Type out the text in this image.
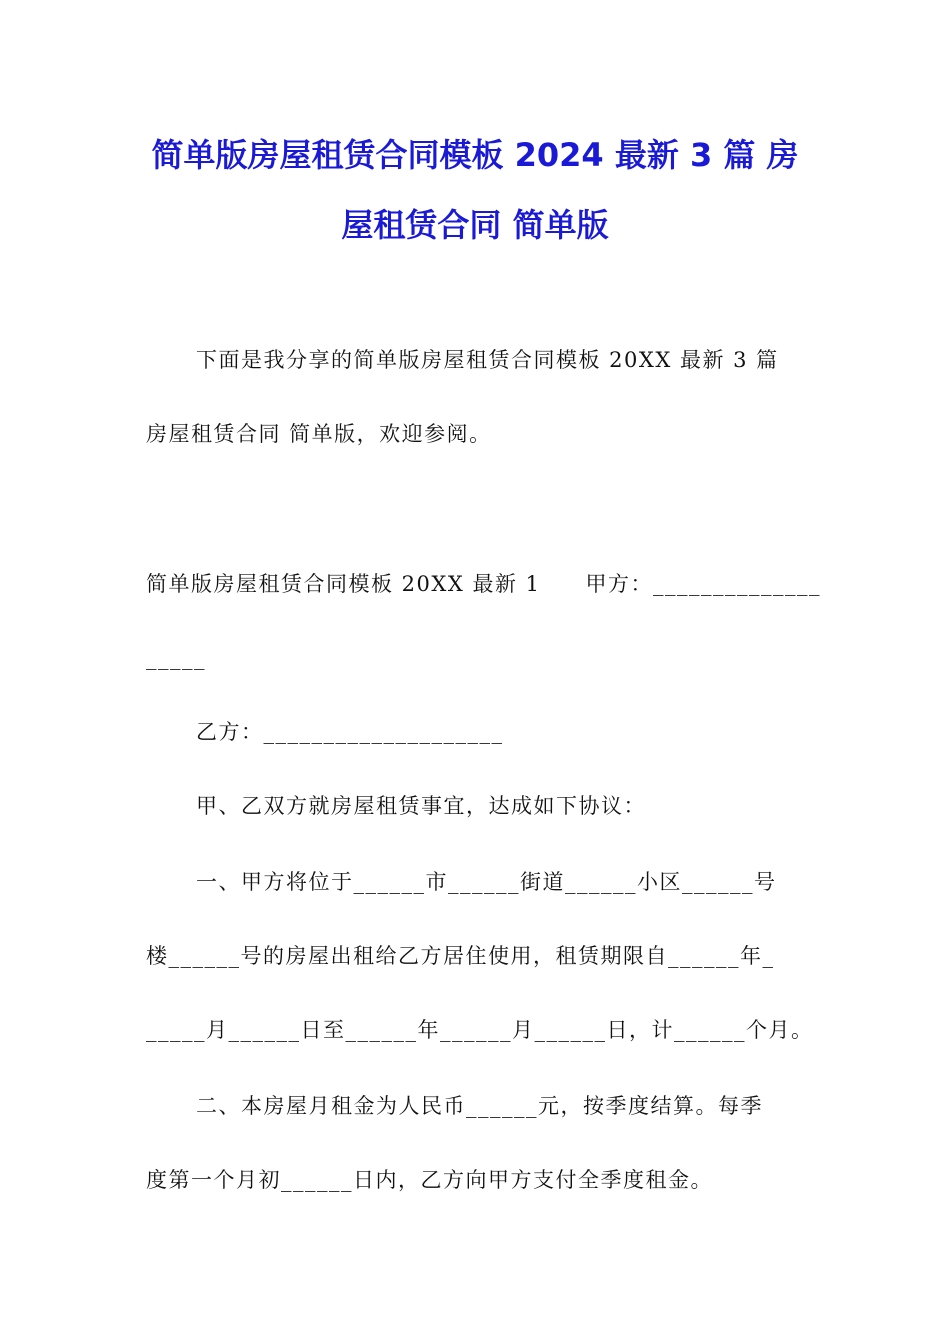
简单版房屋租赁合同模板 2024 最新 3 篇 房
屋租赁合同 简单版
下面是我分享的简单版房屋租赁合同模板 20XX 最新 3 篇
房屋租赁合同 简单版，欢迎参阅。
简单版房屋租赁合同模板 20XX 最新 1　　甲方：______________
_____
乙方：____________________
甲、乙双方就房屋租赁事宜，达成如下协议：
一、甲方将位于______市______街道______小区______号
楼______号的房屋出租给乙方居住使用，租赁期限自______年_
_____月______日至______年______月______日，计______个月。
二、本房屋月租金为人民币______元，按季度结算。每季
度第一个月初______日内，乙方向甲方支付全季度租金。
